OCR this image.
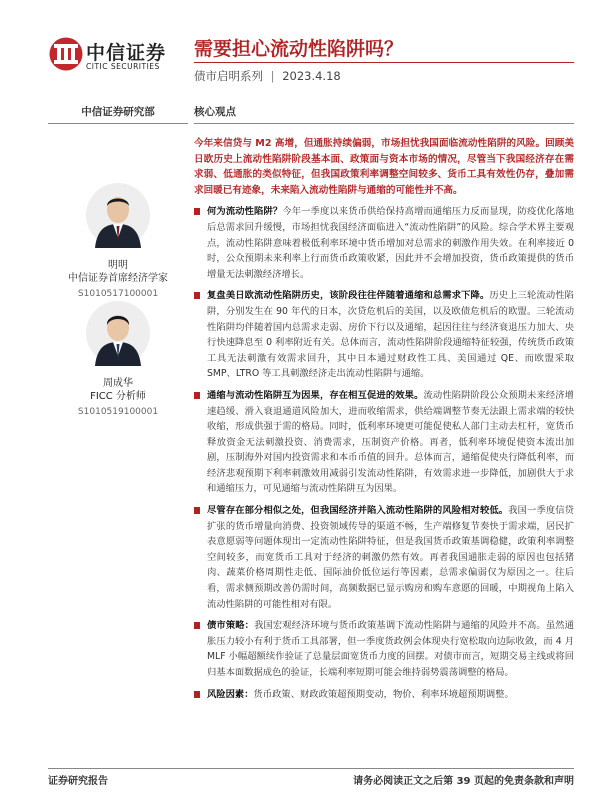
中信证券
CITIC SECURITIES
需要担心流动性陷阱吗？
债市启明系列 | 2023.4.18
中信证券研究部
明明
中信证券首席经济学家
S1010517100001
周成华
FICC 分析师
S1010519100001
核心观点
今年来信贷与 M2 高增，但通胀持续偏弱，市场担忧我国面临流动性陷阱的风险。回顾美日欧历史上流动性陷阱阶段基本面、政策面与资本市场的情况，尽管当下我国经济存在需求弱、低通胀的类似特征，但我国政策利率调整空间较多、货币工具有效性仍存，叠加需求回暖已有迹象，未来陷入流动性陷阱与通缩的可能性并不高。
何为流动性陷阱？今年一季度以来货币供给保持高增而通缩压力反而显现，防疫优化落地后总需求回升缓慢，市场担忧我国经济面临进入“流动性陷阱”的风险。综合学术界主要观点，流动性陷阱意味着极低利率环境中货币增加对总需求的刺激作用失效。在利率接近 0 时，公众预期未来利率上行而货币政策收紧，因此并不会增加投资，货币政策提供的货币增量无法刺激经济增长。
复盘美日欧流动性陷阱历史，该阶段往往伴随着通缩和总需求下降。历史上三轮流动性陷阱，分别发生在 90 年代的日本，次贷危机后的美国，以及欧债危机后的欧盟。三轮流动性陷阱均伴随着国内总需求走弱、房价下行以及通缩，起因往往与经济衰退压力加大、央行快速降息至 0 利率附近有关。总体而言，流动性陷阱阶段通缩特征较强，传统货币政策工具无法刺激有效需求回升，其中日本通过财政性工具、美国通过 QE、而欧盟采取 SMP、LTRO 等工具刺激经济走出流动性陷阱与通缩。
通缩与流动性陷阱互为因果，存在相互促进的效果。流动性陷阱阶段公众预期未来经济增速趋缓、滑入衰退通道风险加大，进而收缩需求，供给端调整节奏无法跟上需求端的较快收缩，形成供强于需的格局。同时，低利率环境更可能促使私人部门主动去杠杆，宽货币释放资金无法刺激投资、消费需求，压制资产价格。再者，低利率环境促使资本流出加剧，压制海外对国内投资需求和本币币值的回升。总体而言，通缩促使央行降低利率，而经济悲观预期下利率刺激效用减弱引发流动性陷阱，有效需求进一步降低，加剧供大于求和通缩压力，可见通缩与流动性陷阱互为因果。
尽管存在部分相似之处，但我国经济并陷入流动性陷阱的风险相对较低。我国一季度信贷扩张的货币增量向消费、投资领域传导的渠道不畅，生产端修复节奏快于需求端，居民扩表意愿弱等问题体现出一定流动性陷阱特征，但是我国货币政策基调稳健，政策利率调整空间较多，而宽货币工具对于经济的刺激仍然有效。再者我国通胀走弱的原因也包括猪肉、蔬菜价格周期性走低、国际油价低位运行等因素，总需求偏弱仅为原因之一。往后看，需求侧预期改善仍需时间，高频数据已显示购房和购车意愿的回暖，中期视角上陷入流动性陷阱的可能性相对有限。
债市策略：我国宏观经济环境与货币政策基调下流动性陷阱与通缩的风险并不高。虽然通胀压力较小有利于货币工具部署，但一季度货政例会体现央行宽松取向边际收敛，而 4 月 MLF 小幅超额续作验证了总量层面宽货币力度的回摆。对债市而言，短期交易主线或将回归基本面数据成色的验证，长端利率短期可能会维持弱势震荡调整的格局。
风险因素：货币政策、财政政策超预期变动，物价、利率环境超预期调整。
证券研究报告	请务必阅读正文之后第 39 页起的免责条款和声明
